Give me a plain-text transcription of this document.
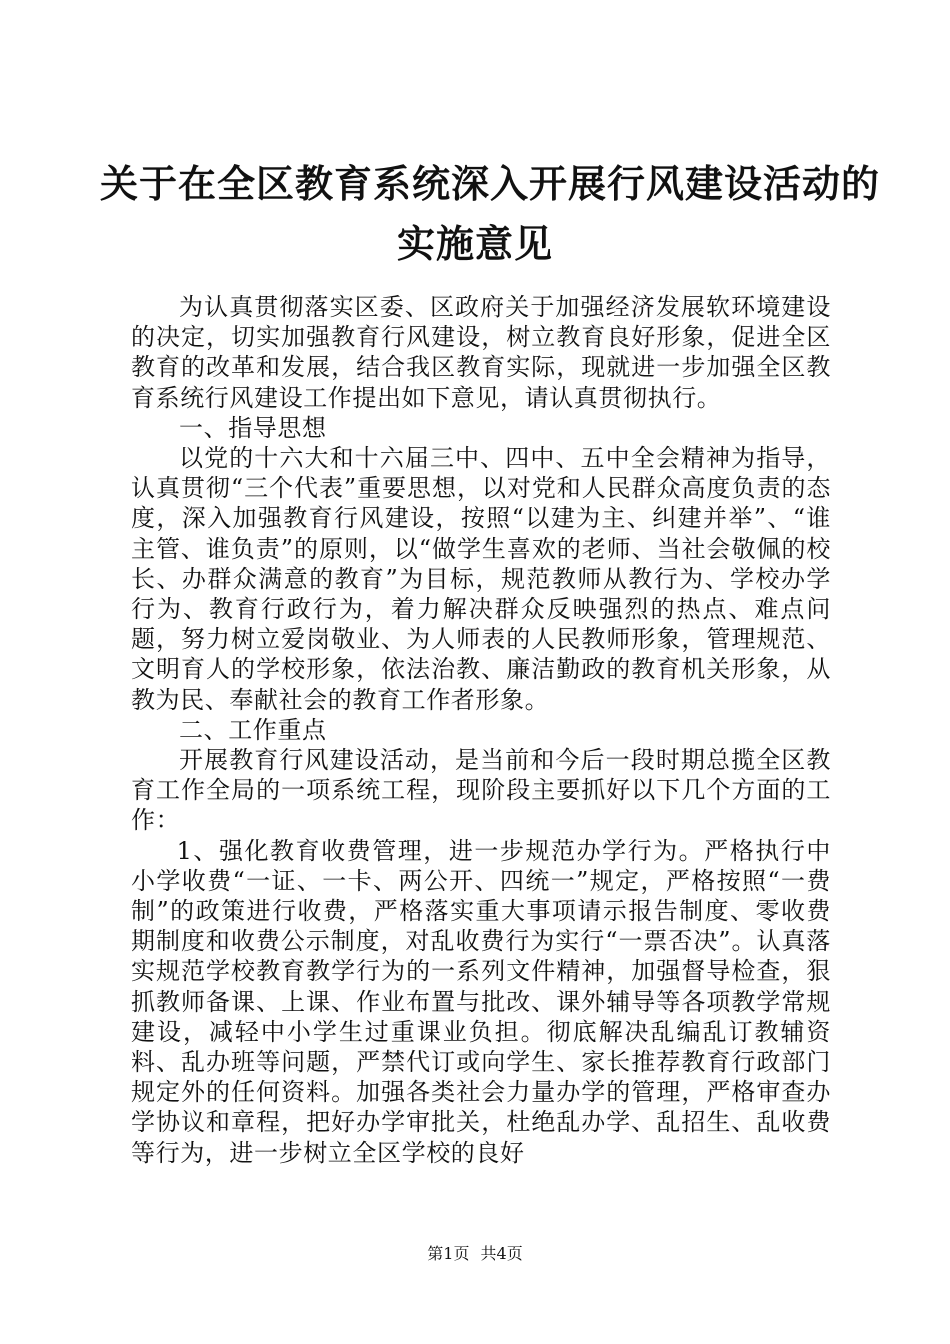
关于在全区教育系统深入开展行风建设活动的
实施意见

为认真贯彻落实区委、区政府关于加强经济发展软环境建设的决定，切实加强教育行风建设，树立教育良好形象，促进全区教育的改革和发展，结合我区教育实际，现就进一步加强全区教育系统行风建设工作提出如下意见，请认真贯彻执行。

一、指导思想

以党的十六大和十六届三中、四中、五中全会精神为指导，认真贯彻“三个代表”重要思想，以对党和人民群众高度负责的态度，深入加强教育行风建设，按照“以建为主、纠建并举”、“谁主管、谁负责”的原则，以“做学生喜欢的老师、当社会敬佩的校长、办群众满意的教育”为目标，规范教师从教行为、学校办学行为、教育行政行为，着力解决群众反映强烈的热点、难点问题，努力树立爱岗敬业、为人师表的人民教师形象，管理规范、文明育人的学校形象，依法治教、廉洁勤政的教育机关形象，从教为民、奉献社会的教育工作者形象。

二、工作重点

开展教育行风建设活动，是当前和今后一段时期总揽全区教育工作全局的一项系统工程，现阶段主要抓好以下几个方面的工作：

1、强化教育收费管理，进一步规范办学行为。严格执行中小学收费“一证、一卡、两公开、四统一”规定，严格按照“一费制”的政策进行收费，严格落实重大事项请示报告制度、零收费期制度和收费公示制度，对乱收费行为实行“一票否决”。认真落实规范学校教育教学行为的一系列文件精神，加强督导检查，狠抓教师备课、上课、作业布置与批改、课外辅导等各项教学常规建设，减轻中小学生过重课业负担。彻底解决乱编乱订教辅资料、乱办班等问题，严禁代订或向学生、家长推荐教育行政部门规定外的任何资料。加强各类社会力量办学的管理，严格审查办学协议和章程，把好办学审批关，杜绝乱办学、乱招生、乱收费等行为，进一步树立全区学校的良好

第1页 共4页
